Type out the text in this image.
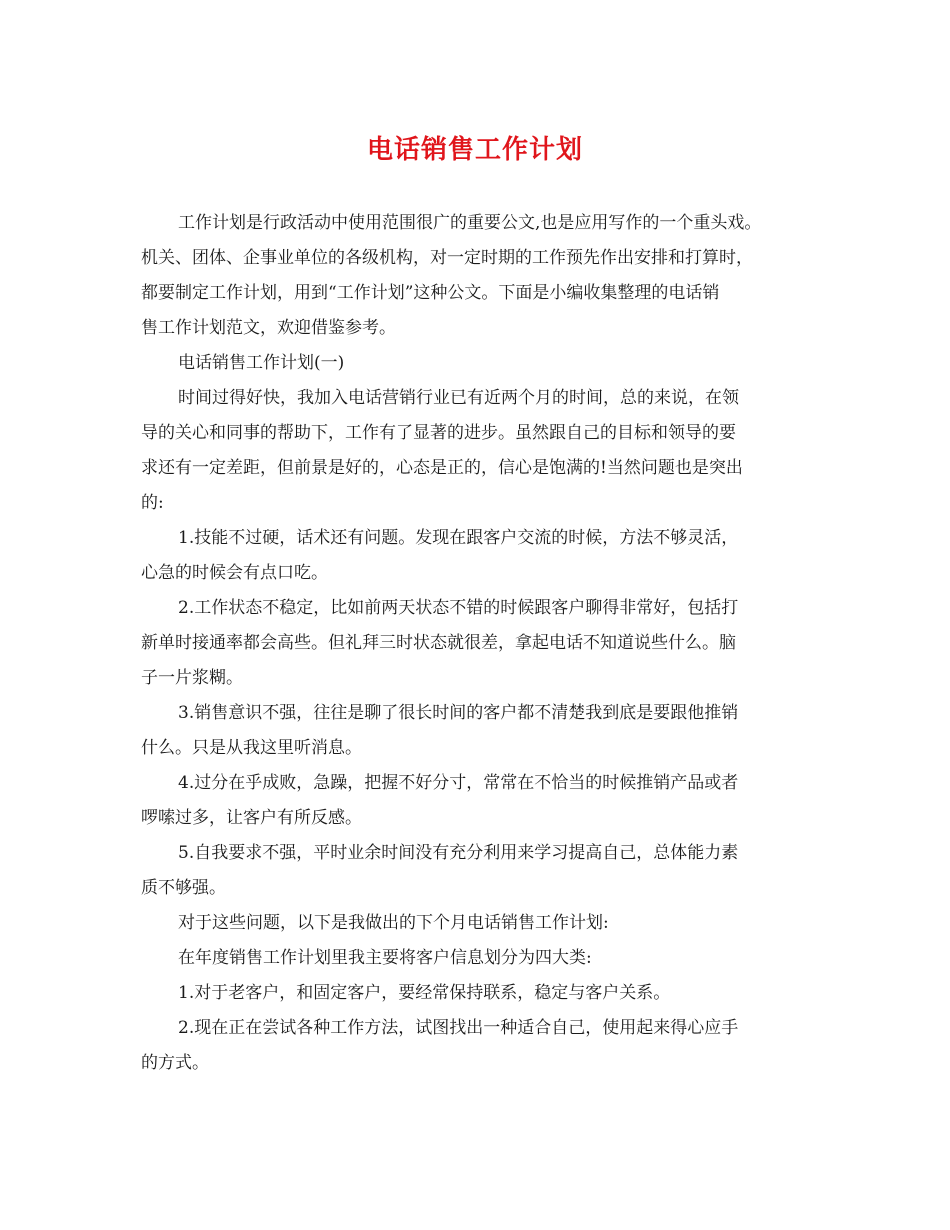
电话销售工作计划

工作计划是行政活动中使用范围很广的重要公文,也是应用写作的一个重头戏。
机关、团体、企事业单位的各级机构，对一定时期的工作预先作出安排和打算时，
都要制定工作计划，用到“工作计划”这种公文。下面是小编收集整理的电话销
售工作计划范文，欢迎借鉴参考。

电话销售工作计划(一)

时间过得好快，我加入电话营销行业已有近两个月的时间，总的来说，在领
导的关心和同事的帮助下，工作有了显著的进步。虽然跟自己的目标和领导的要
求还有一定差距，但前景是好的，心态是正的，信心是饱满的!当然问题也是突出
的:

1.技能不过硬，话术还有问题。发现在跟客户交流的时候，方法不够灵活，
心急的时候会有点口吃。

2.工作状态不稳定，比如前两天状态不错的时候跟客户聊得非常好，包括打
新单时接通率都会高些。但礼拜三时状态就很差，拿起电话不知道说些什么。脑
子一片浆糊。

3.销售意识不强，往往是聊了很长时间的客户都不清楚我到底是要跟他推销
什么。只是从我这里听消息。

4.过分在乎成败，急躁，把握不好分寸，常常在不恰当的时候推销产品或者
啰嗦过多，让客户有所反感。

5.自我要求不强，平时业余时间没有充分利用来学习提高自己，总体能力素
质不够强。

对于这些问题，以下是我做出的下个月电话销售工作计划:

在年度销售工作计划里我主要将客户信息划分为四大类:

1.对于老客户，和固定客户，要经常保持联系，稳定与客户关系。

2.现在正在尝试各种工作方法，试图找出一种适合自己，使用起来得心应手
的方式。
